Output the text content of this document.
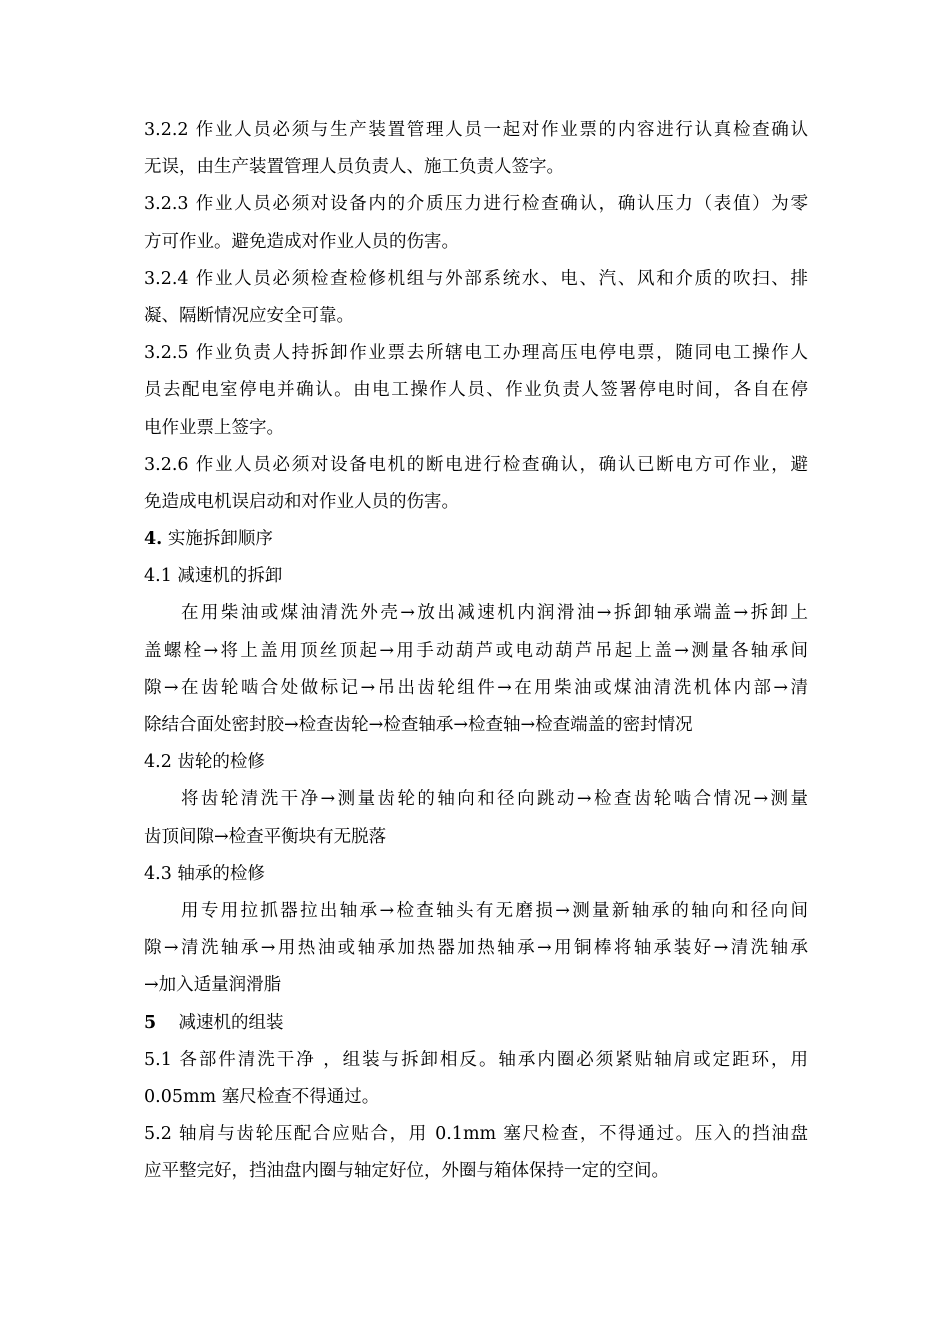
3.2.2 作业人员必须与生产装置管理人员一起对作业票的内容进行认真检查确认
无误，由生产装置管理人员负责人、施工负责人签字。
3.2.3 作业人员必须对设备内的介质压力进行检查确认，确认压力（表值）为零
方可作业。避免造成对作业人员的伤害。
3.2.4 作业人员必须检查检修机组与外部系统水、电、汽、风和介质的吹扫、排
凝、隔断情况应安全可靠。
3.2.5 作业负责人持拆卸作业票去所辖电工办理高压电停电票，随同电工操作人
员去配电室停电并确认。由电工操作人员、作业负责人签署停电时间，各自在停
电作业票上签字。
3.2.6 作业人员必须对设备电机的断电进行检查确认，确认已断电方可作业，避
免造成电机误启动和对作业人员的伤害。
4. 实施拆卸顺序
4.1 减速机的拆卸
在用柴油或煤油清洗外壳→放出减速机内润滑油→拆卸轴承端盖→拆卸上
盖螺栓→将上盖用顶丝顶起→用手动葫芦或电动葫芦吊起上盖→测量各轴承间
隙→在齿轮啮合处做标记→吊出齿轮组件→在用柴油或煤油清洗机体内部→清
除结合面处密封胶→检查齿轮→检查轴承→检查轴→检查端盖的密封情况
4.2 齿轮的检修
将齿轮清洗干净→测量齿轮的轴向和径向跳动→检查齿轮啮合情况→测量
齿顶间隙→检查平衡块有无脱落
4.3 轴承的检修
用专用拉抓器拉出轴承→检查轴头有无磨损→测量新轴承的轴向和径向间
隙→清洗轴承→用热油或轴承加热器加热轴承→用铜棒将轴承装好→清洗轴承
→加入适量润滑脂
5 减速机的组装
5.1 各部件清洗干净 ，组装与拆卸相反。轴承内圈必须紧贴轴肩或定距环，用
0.05mm 塞尺检查不得通过。
5.2 轴肩与齿轮压配合应贴合，用 0.1mm 塞尺检查，不得通过。压入的挡油盘
应平整完好，挡油盘内圈与轴定好位，外圈与箱体保持一定的空间。
